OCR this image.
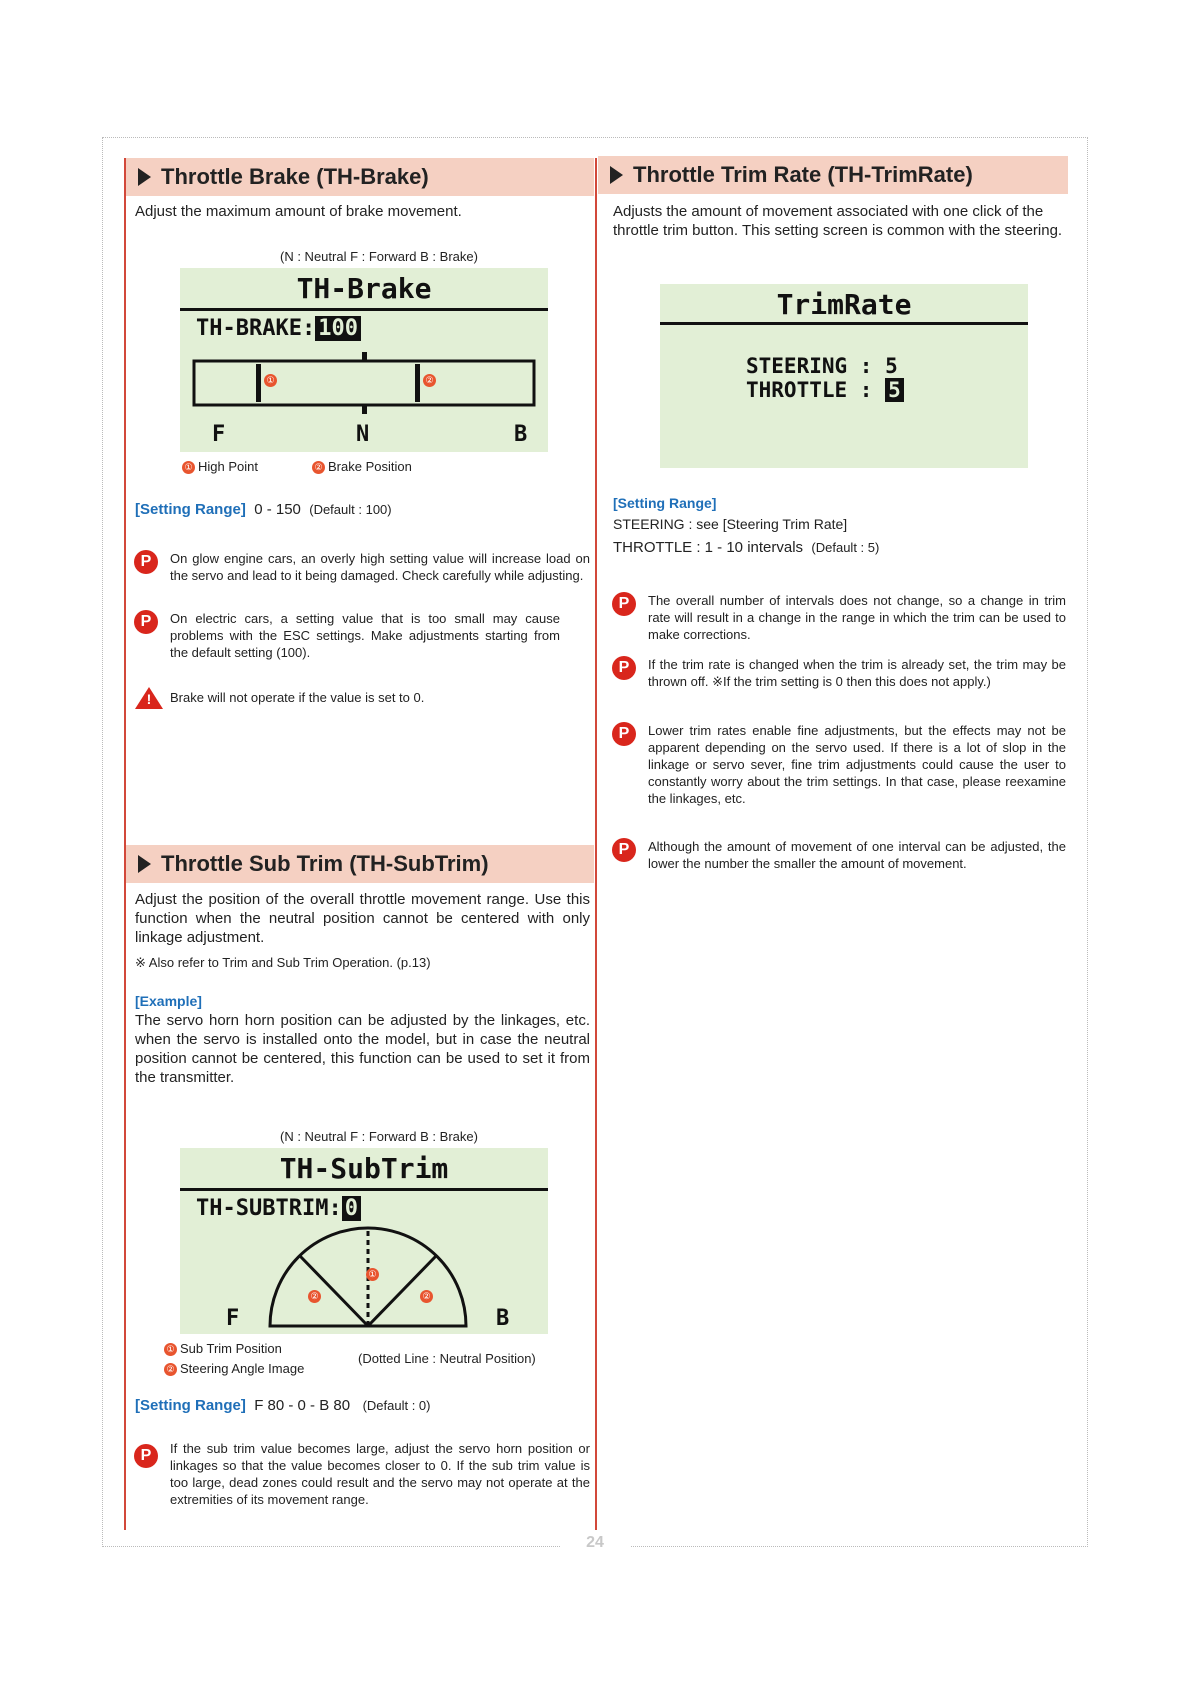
Throttle Brake (TH-Brake)
Adjust the maximum amount of brake movement.
(N : Neutral F : Forward B : Brake)
TH-Brake
TH-BRAKE: 100
①	②
F	N	B
① High Point	② Brake Position
[Setting Range] 0 - 150 (Default : 100)
P	On glow engine cars, an overly high setting value will increase load on the servo and lead to it being damaged. Check carefully while adjusting.
P	On electric cars, a setting value that is too small may cause problems with the ESC settings. Make adjustments starting from the default setting (100).
! Brake will not operate if the value is set to 0.
Throttle Sub Trim (TH-SubTrim)
Adjust the position of the overall throttle movement range. Use this function when the neutral position cannot be centered with only linkage adjustment.
※ Also refer to Trim and Sub Trim Operation. (p.13)
[Example]
The servo horn horn position can be adjusted by the linkages, etc. when the servo is installed onto the model, but in case the neutral position cannot be centered, this function can be used to set it from the transmitter.
(N : Neutral F : Forward B : Brake)
TH-SubTrim
TH-SUBTRIM: 0
①
②	②
F	B
① Sub Trim Position
② Steering Angle Image
(Dotted Line : Neutral Position)
[Setting Range] F 80 - 0 - B 80 (Default : 0)
P	If the sub trim value becomes large, adjust the servo horn position or linkages so that the value becomes closer to 0. If the sub trim value is too large, dead zones could result and the servo may not operate at the extremities of its movement range.
Throttle Trim Rate (TH-TrimRate)
Adjusts the amount of movement associated with one click of the throttle trim button. This setting screen is common with the steering.
TrimRate
STEERING : 5
THROTTLE : 5
[Setting Range]
STEERING : see [Steering Trim Rate]
THROTTLE : 1 - 10 intervals (Default : 5)
P	The overall number of intervals does not change, so a change in trim rate will result in a change in the range in which the trim can be used to make corrections.
P	If the trim rate is changed when the trim is already set, the trim may be thrown off. ※If the trim setting is 0 then this does not apply.)
P	Lower trim rates enable fine adjustments, but the effects may not be apparent depending on the servo used. If there is a lot of slop in the linkage or servo sever, fine trim adjustments could cause the user to constantly worry about the trim settings. In that case, please reexamine the linkages, etc.
P	Although the amount of movement of one interval can be adjusted, the lower the number the smaller the amount of movement.
24
